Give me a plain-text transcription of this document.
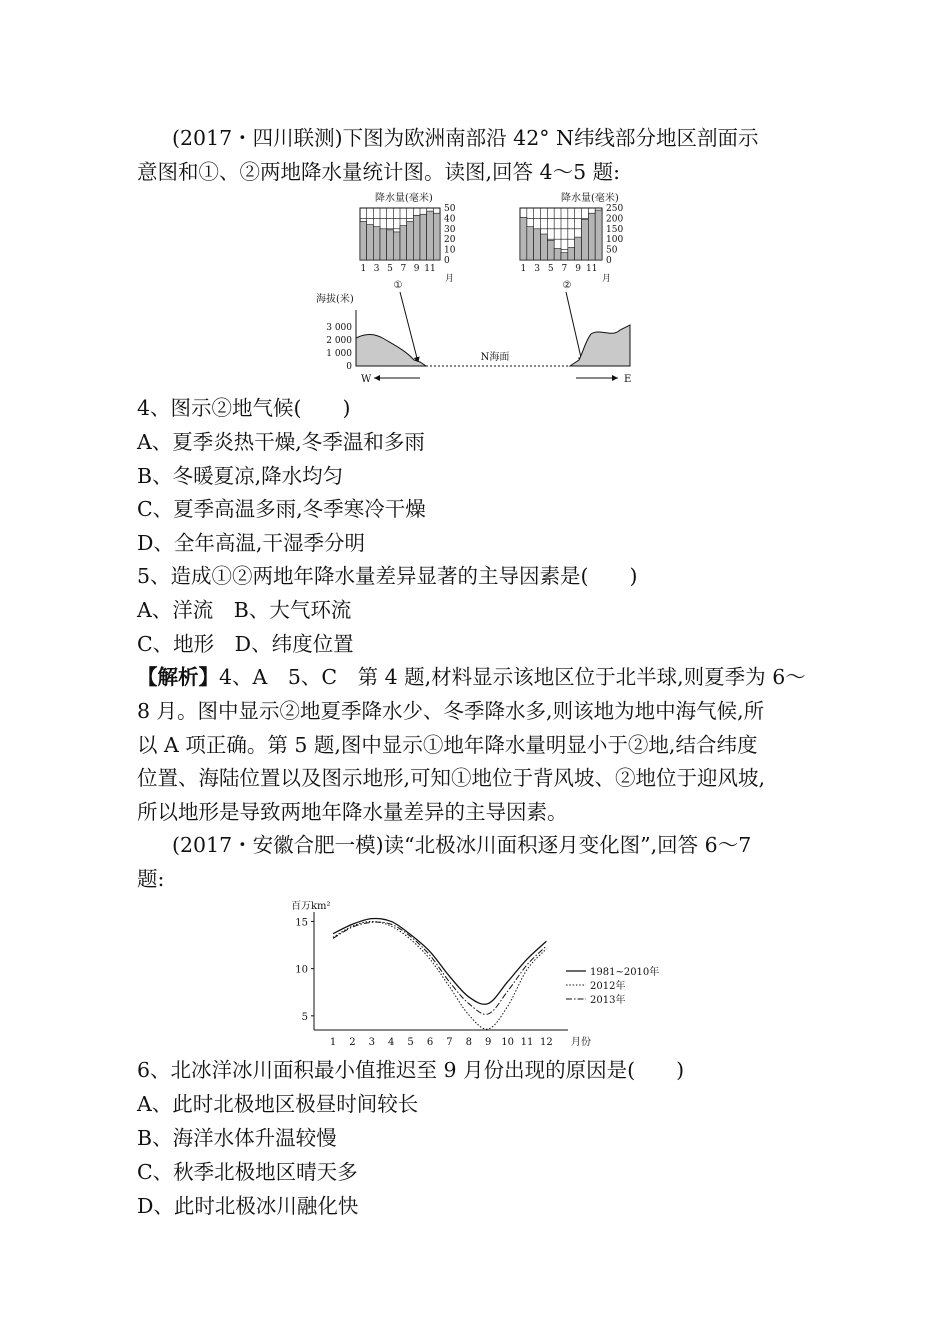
(2017・四川联测)下图为欧洲南部沿 42° N纬线部分地区剖面示
意图和①、②两地降水量统计图。读图,回答 4～5 题:
降水量(毫米)
50
40
30
20
10
0
1 3 5 7 9 11
月
①
降水量(毫米)
250
200
150
100
50
0
1 3 5 7 9 11
月
②
海拔(米)
3 000
2 000
1 000
0
N海面
W	E
4、图示②地气候(　　)
A、夏季炎热干燥,冬季温和多雨
B、冬暖夏凉,降水均匀
C、夏季高温多雨,冬季寒冷干燥
D、全年高温,干湿季分明
5、造成①②两地年降水量差异显著的主导因素是(　　)
A、洋流　B、大气环流
C、地形　D、纬度位置
【解析】4、A　5、C　第 4 题,材料显示该地区位于北半球,则夏季为 6～
8 月。图中显示②地夏季降水少、冬季降水多,则该地为地中海气候,所
以 A 项正确。第 5 题,图中显示①地年降水量明显小于②地,结合纬度
位置、海陆位置以及图示地形,可知①地位于背风坡、②地位于迎风坡,
所以地形是导致两地年降水量差异的主导因素。
(2017・安徽合肥一模)读“北极冰川面积逐月变化图”,回答 6～7
题:
百万km²
5
10
15
1 2 3 4 5 6 7 8 9 10 11 12 月份
1981~2010年
2012年
2013年
6、北冰洋冰川面积最小值推迟至 9 月份出现的原因是(　　)
A、此时北极地区极昼时间较长
B、海洋水体升温较慢
C、秋季北极地区晴天多
D、此时北极冰川融化快
